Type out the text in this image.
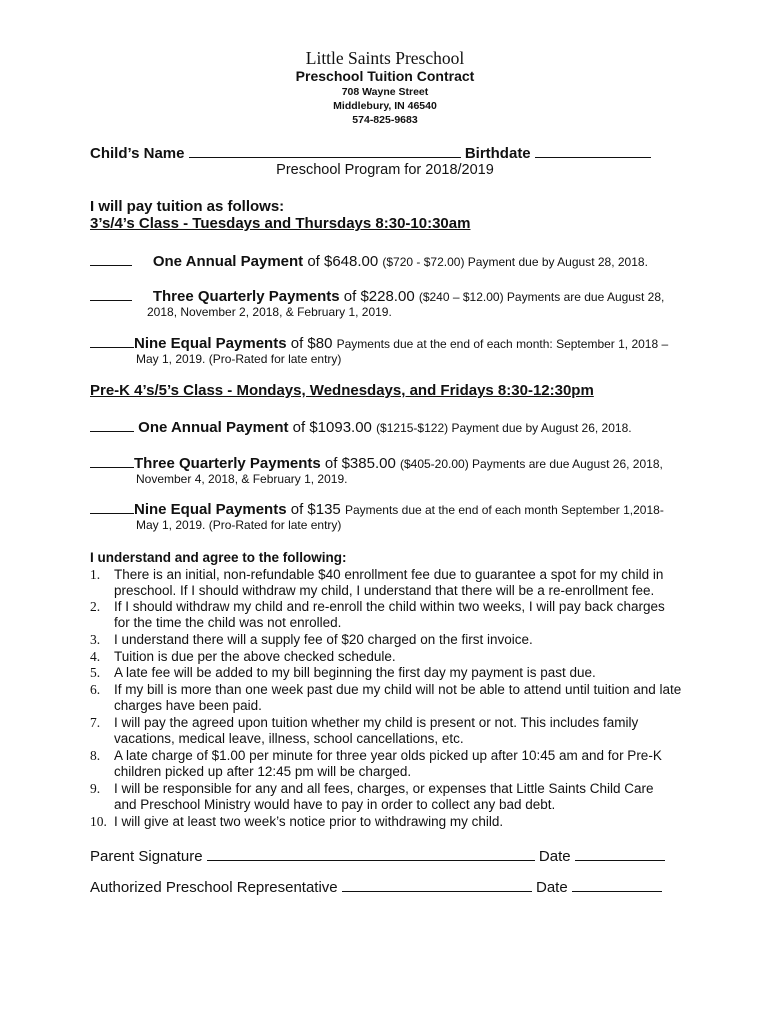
Little Saints Preschool
Preschool Tuition Contract
708 Wayne Street
Middlebury, IN 46540
574-825-9683
Child’s Name	Birthdate
Preschool Program for 2018/2019
I will pay tuition as follows:
3’s/4’s Class - Tuesdays and Thursdays 8:30-10:30am
One Annual Payment of $648.00 ($720 - $72.00) Payment due by August 28, 2018.
Three Quarterly Payments of $228.00 ($240 – $12.00) Payments are due August 28,
2018, November 2, 2018, & February 1, 2019.
Nine Equal Payments of $80 Payments due at the end of each month: September 1, 2018 –
May 1, 2019. (Pro-Rated for late entry)
Pre-K 4’s/5’s Class - Mondays, Wednesdays, and Fridays 8:30-12:30pm
One Annual Payment of $1093.00 ($1215-$122) Payment due by August 26, 2018.
Three Quarterly Payments of $385.00 ($405-20.00) Payments are due August 26, 2018,
November 4, 2018, & February 1, 2019.
Nine Equal Payments of $135 Payments due at the end of each month September 1,2018-
May 1, 2019. (Pro-Rated for late entry)
I understand and agree to the following:
1. There is an initial, non-refundable $40 enrollment fee due to guarantee a spot for my child in
preschool. If I should withdraw my child, I understand that there will be a re-enrollment fee.
2. If I should withdraw my child and re-enroll the child within two weeks, I will pay back charges
for the time the child was not enrolled.
3. I understand there will a supply fee of $20 charged on the first invoice.
4. Tuition is due per the above checked schedule.
5. A late fee will be added to my bill beginning the first day my payment is past due.
6. If my bill is more than one week past due my child will not be able to attend until tuition and late
charges have been paid.
7. I will pay the agreed upon tuition whether my child is present or not. This includes family
vacations, medical leave, illness, school cancellations, etc.
8. A late charge of $1.00 per minute for three year olds picked up after 10:45 am and for Pre-K
children picked up after 12:45 pm will be charged.
9. I will be responsible for any and all fees, charges, or expenses that Little Saints Child Care
and Preschool Ministry would have to pay in order to collect any bad debt.
10. I will give at least two week’s notice prior to withdrawing my child.
Parent Signature	Date
Authorized Preschool Representative	Date
